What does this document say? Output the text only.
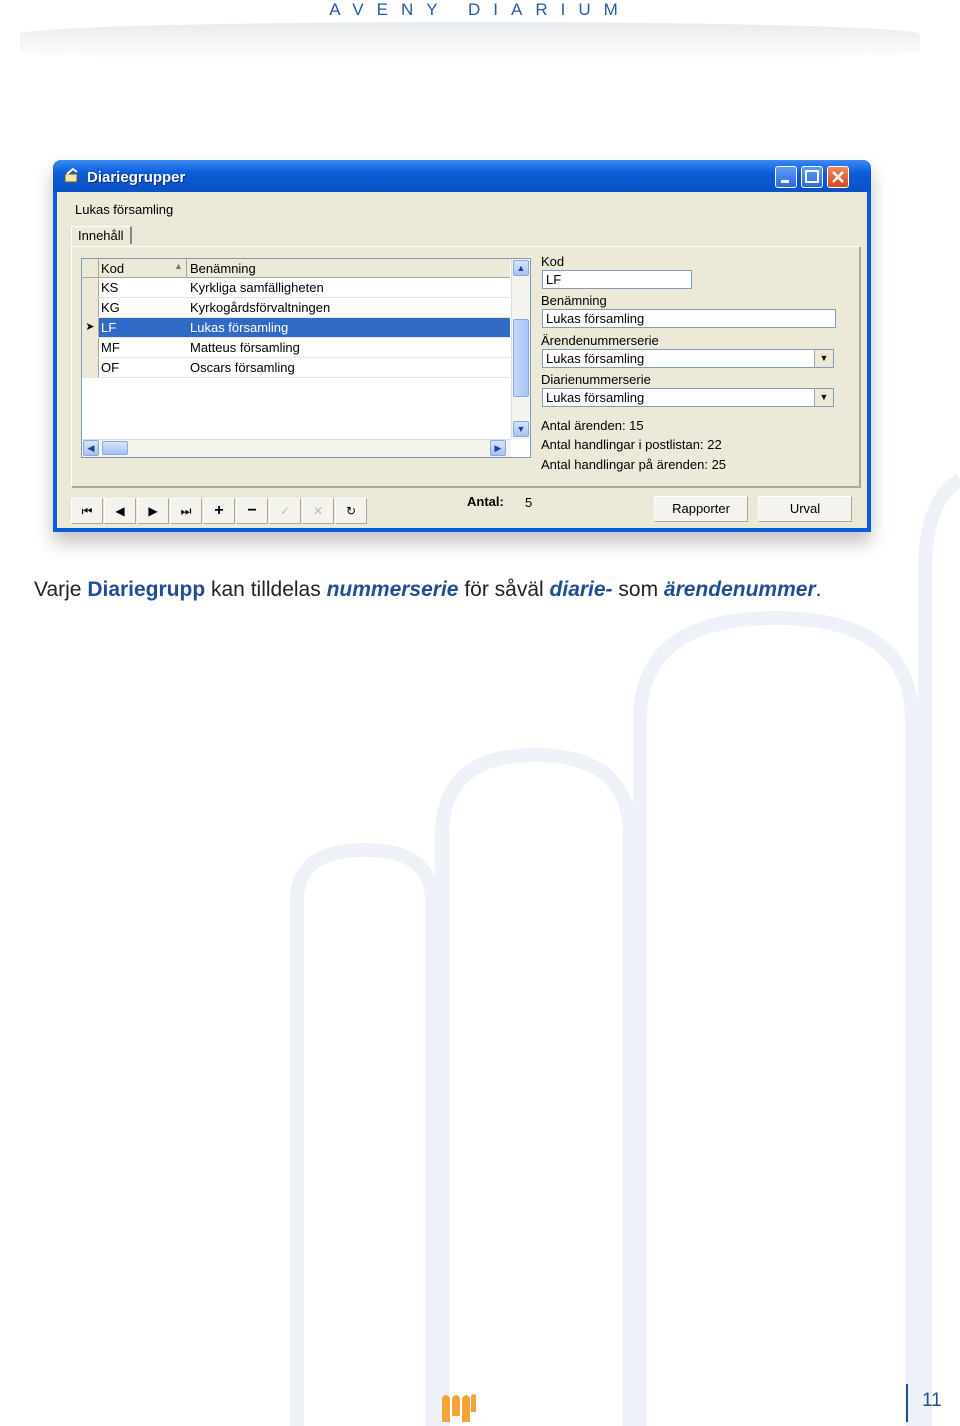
AVENY DIARIUM
Diariegrupper
Lukas församling
Innehåll
Kod	▲ Benämning
KS	Kyrkliga samfälligheten
KG	Kyrkogårdsförvaltningen
➤ LF	Lukas församling
MF	Matteus församling
OF	Oscars församling
▲
▼
◀	▶
Antal: 5
Kod
LF
Benämning
Lukas församling
Ärendenummerserie
Lukas församling	▼
Diarienummerserie
Lukas församling	▼
Antal ärenden: 15
Antal handlingar i postlistan: 22
Antal handlingar på ärenden: 25
⏮	◀	▶	⏭	+	−	✓	✕	↻	Rapporter	Urval
Varje Diariegrupp kan tilldelas nummerserie för såväl diarie- som ärendenummer.
11
